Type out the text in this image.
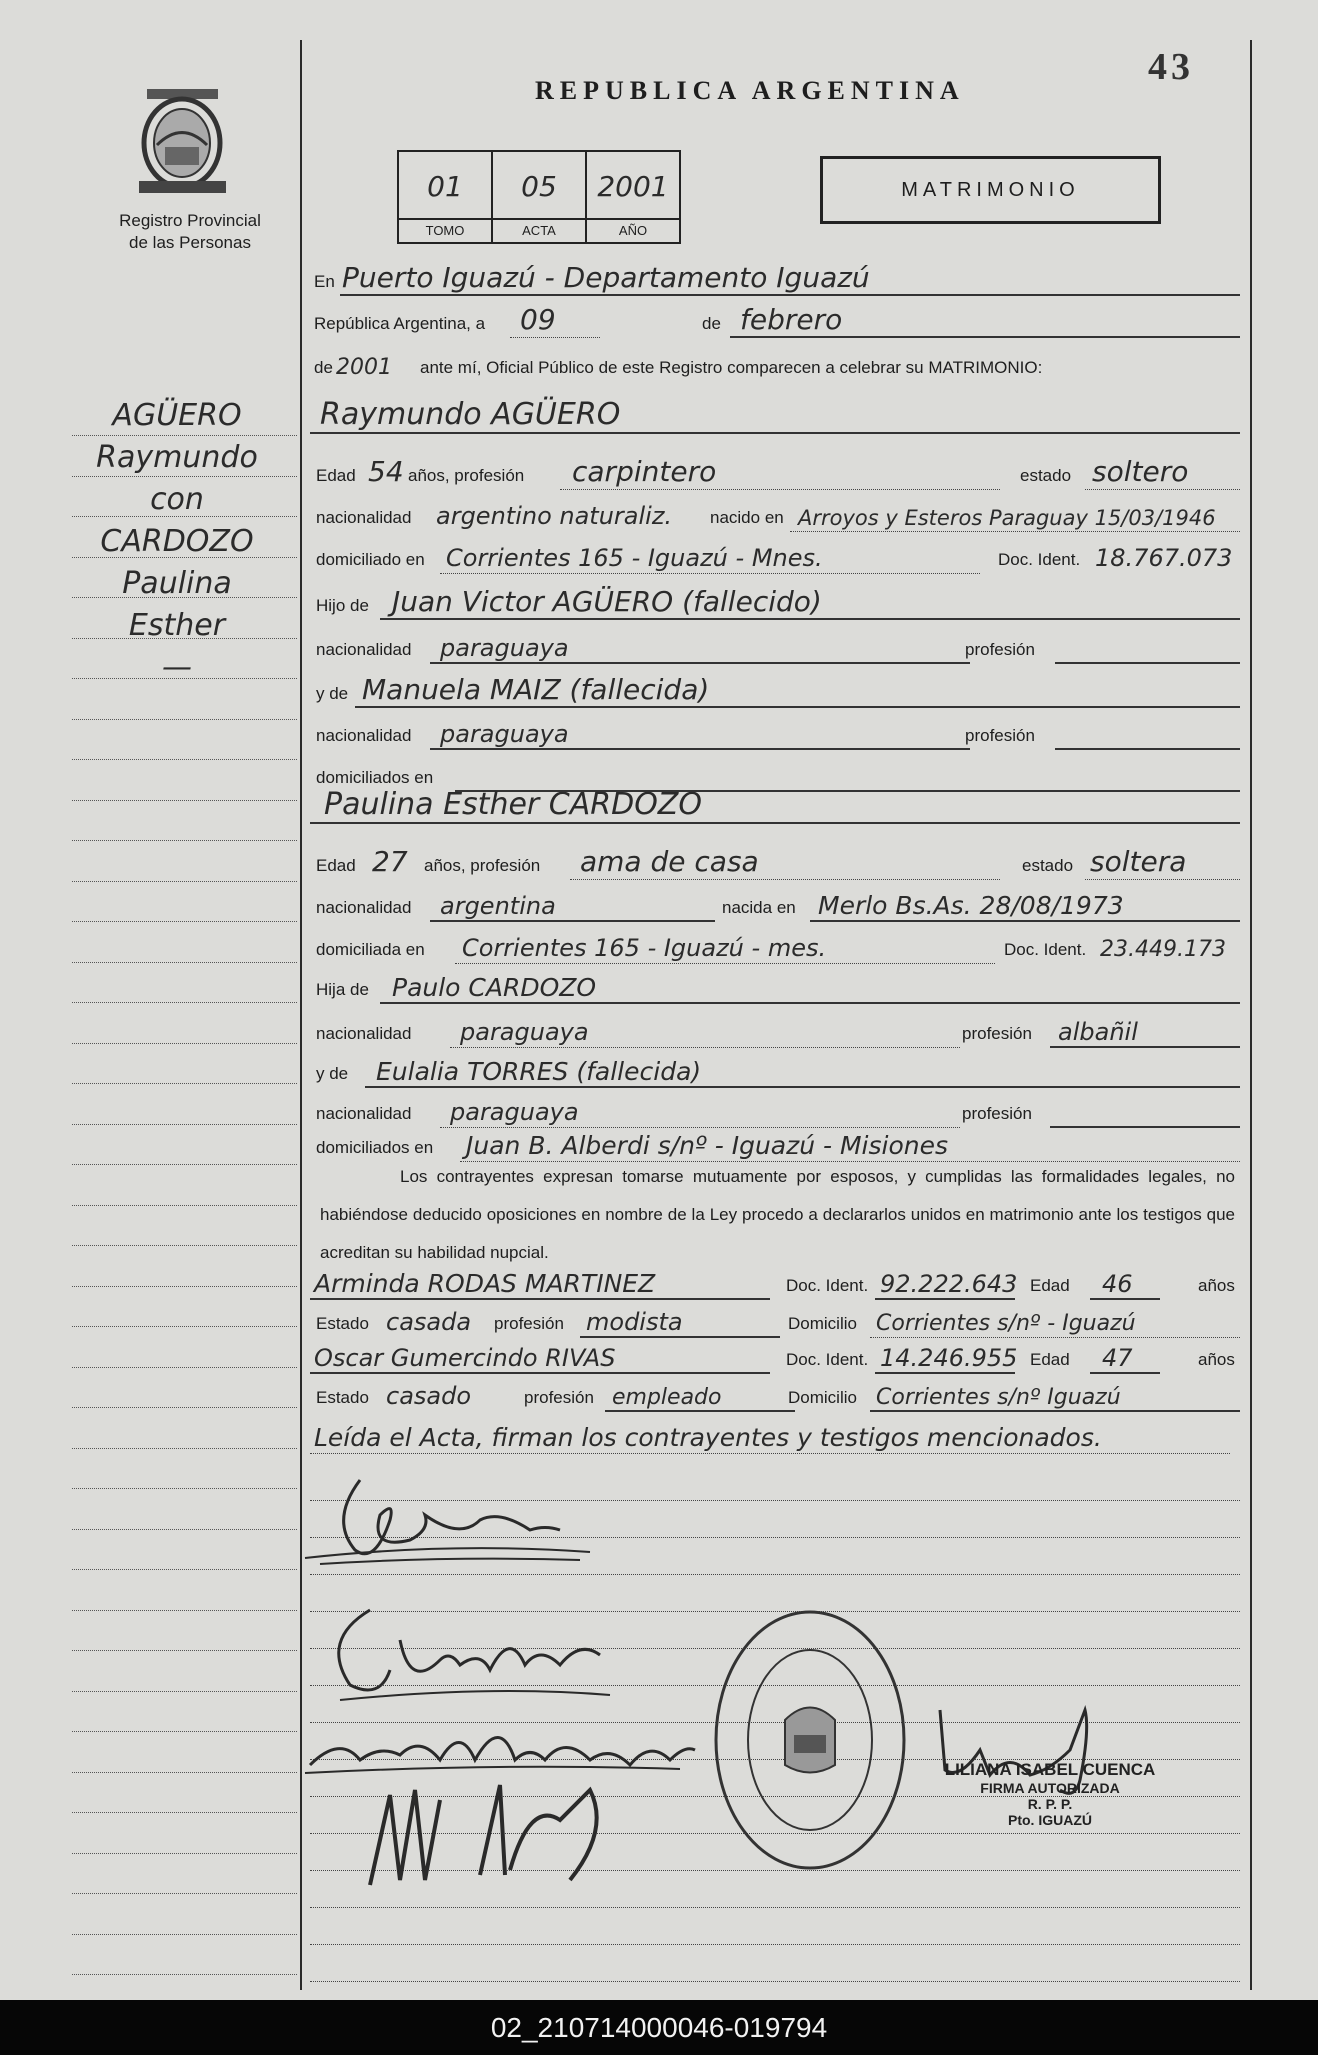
Registro Provincial
de las Personas
REPUBLICA ARGENTINA
43
01
TOMO
05
ACTA
2001
AÑO
MATRIMONIO
AGÜERO
Raymundo
con
CARDOZO
Paulina
Esther
—
En Puerto Iguazú - Departamento Iguazú
República Argentina, a 09	de febrero
de 2001 ante mí, Oficial Público de este Registro comparecen a celebrar su MATRIMONIO:
Raymundo AGÜERO
Edad 54 años, profesión carpintero	estado soltero
nacionalidad argentino naturaliz. nacido en Arroyos y Esteros Paraguay 15/03/1946
domiciliado en Corrientes 165 - Iguazú - Mnes.	Doc. Ident. 18.767.073
Hijo de Juan Victor AGÜERO (fallecido)
nacionalidad paraguaya	profesión
y de Manuela MAIZ (fallecida)
nacionalidad paraguaya	profesión
domiciliados en
Paulina Esther CARDOZO
Edad 27 años, profesión ama de casa	estado soltera
nacionalidad argentina	nacida en Merlo Bs.As. 28/08/1973
domiciliada en Corrientes 165 - Iguazú - mes.	Doc. Ident. 23.449.173
Hija de Paulo CARDOZO
nacionalidad paraguaya	profesión albañil
y de Eulalia TORRES (fallecida)
nacionalidad paraguaya	profesión
domiciliados en Juan B. Alberdi s/nº - Iguazú - Misiones
Los contrayentes expresan tomarse mutuamente por esposos, y cumplidas las formalidades legales, no habiéndose deducido oposiciones en nombre de la Ley procedo a declararlos unidos en matrimonio ante los testigos que acreditan su habilidad nupcial.
Arminda RODAS MARTINEZ	Doc. Ident. 92.222.643 Edad 46	años
Estado casada profesión modista	Domicilio Corrientes s/nº - Iguazú
Oscar Gumercindo RIVAS	Doc. Ident. 14.246.955 Edad 47	años
Estado casado	profesión empleado	Domicilio Corrientes s/nº Iguazú
Leída el Acta, firman los contrayentes y testigos mencionados.
LILIANA ISABEL CUENCA
FIRMA AUTORIZADA
R. P. P.
Pto. IGUAZÚ
02_210714000046-019794
